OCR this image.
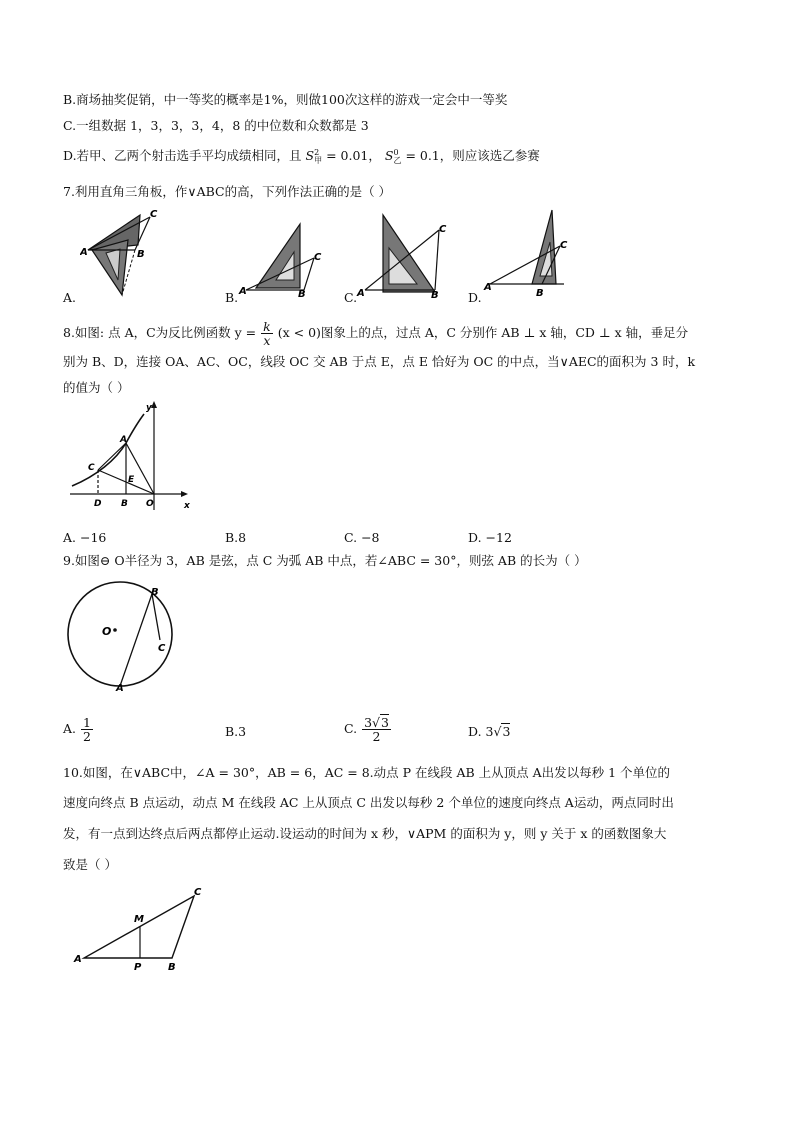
B.商场抽奖促销，中一等奖的概率是1%，则做100次这样的游戏一定会中一等奖
C.一组数据 1，3，3，3，4，8 的中位数和众数都是 3
D.若甲、乙两个射击选手平均成绩相同，且 S 2
甲 = 0.01， S 0
乙 = 0.1，则应该选乙参赛
7.利用直角三角板，作∨ABC的高，下列作法正确的是（ ）
A	B
C
A.	A	B
C
B.	A	B
C
C.
A
B
C
D.
8.如图: 点 A，C为反比例函数 $y = \frac{k}{x} (x < 0)$图象上的点，过点 A，C 分别作 AB ⊥ x 轴，CD ⊥ x 轴，垂足分
别为 B、D，连接 OA、AC、OC，线段 OC 交 AB 于点 E，点 E 恰好为 OC 的中点，当∨AEC的面积为 3 时，k
的值为（ ）
y
x
A
C
E
D B O
A. −16	B.8	C. −8	D. −12
9.如图⊖ O半径为 3，AB 是弦，点 C 为弧 AB 中点，若∠ABC = 30°，则弦 AB 的长为（ ）
O
B
C
A
A. $\frac{1}{2}$	B.3	C. $\frac{3√3}{2}$	D. 3√3
10.如图，在∨ABC中，∠A = 30°，AB = 6，AC = 8.动点 P 在线段 AB 上从顶点 A出发以每秒 1 个单位的
速度向终点 B 点运动，动点 M 在线段 AC 上从顶点 C 出发以每秒 2 个单位的速度向终点 A运动，两点同时出
发，有一点到达终点后两点都停止运动.设运动的时间为 x 秒，∨APM 的面积为 y，则 y 关于 x 的函数图象大
致是（ ）
A
B
C
M
P
